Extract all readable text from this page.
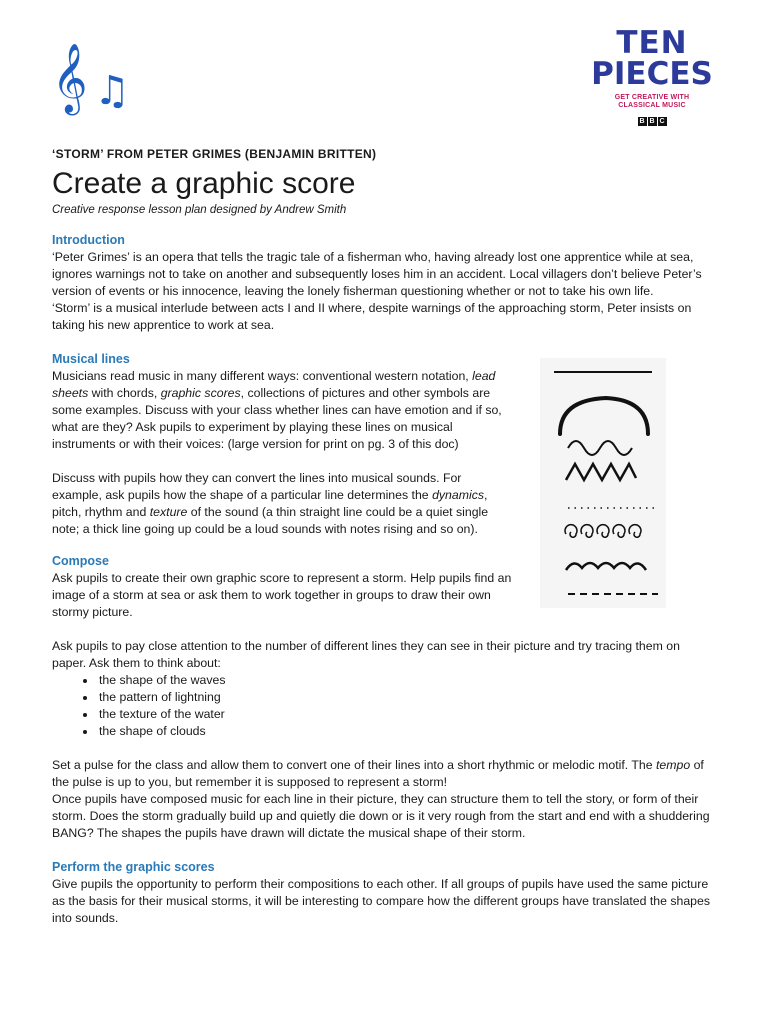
𝄞 ♫
TEN
PIECES
GET CREATIVE WITH
CLASSICAL MUSIC
B B C

‘STORM’ FROM PETER GRIMES (BENJAMIN BRITTEN)

Create a graphic score

Creative response lesson plan designed by Andrew Smith

Introduction

‘Peter Grimes’ is an opera that tells the tragic tale of a fisherman who, having already lost one apprentice while at sea, ignores warnings not to take on another and subsequently loses him in an accident. Local villagers don’t believe Peter’s version of events or his innocence, leaving the lonely fisherman questioning whether or not to take his own life.

‘Storm’ is a musical interlude between acts I and II where, despite warnings of the approaching storm, Peter insists on taking his new apprentice to work at sea.

Musical lines

Musicians read music in many different ways: conventional western notation, lead sheets with chords, graphic scores, collections of pictures and other symbols are some examples. Discuss with your class whether lines can have emotion and if so, what are they? Ask pupils to experiment by playing these lines on musical instruments or with their voices: (large version for print on pg. 3 of this doc)

Discuss with pupils how they can convert the lines into musical sounds. For example, ask pupils how the shape of a particular line determines the dynamics, pitch, rhythm and texture of the sound (a thin straight line could be a quiet single note; a thick line going up could be a loud sounds with notes rising and so on).

Compose

Ask pupils to create their own graphic score to represent a storm. Help pupils find an image of a storm at sea or ask them to work together in groups to draw their own stormy picture.

Ask pupils to pay close attention to the number of different lines they can see in their picture and try tracing them on paper. Ask them to think about:

• the shape of the waves
• the pattern of lightning
• the texture of the water
• the shape of clouds

Set a pulse for the class and allow them to convert one of their lines into a short rhythmic or melodic motif. The tempo of the pulse is up to you, but remember it is supposed to represent a storm!

Once pupils have composed music for each line in their picture, they can structure them to tell the story, or form of their storm. Does the storm gradually build up and quietly die down or is it very rough from the start and end with a shuddering BANG? The shapes the pupils have drawn will dictate the musical shape of their storm.

Perform the graphic scores

Give pupils the opportunity to perform their compositions to each other. If all groups of pupils have used the same picture as the basis for their musical storms, it will be interesting to compare how the different groups have translated the shapes into sounds.
